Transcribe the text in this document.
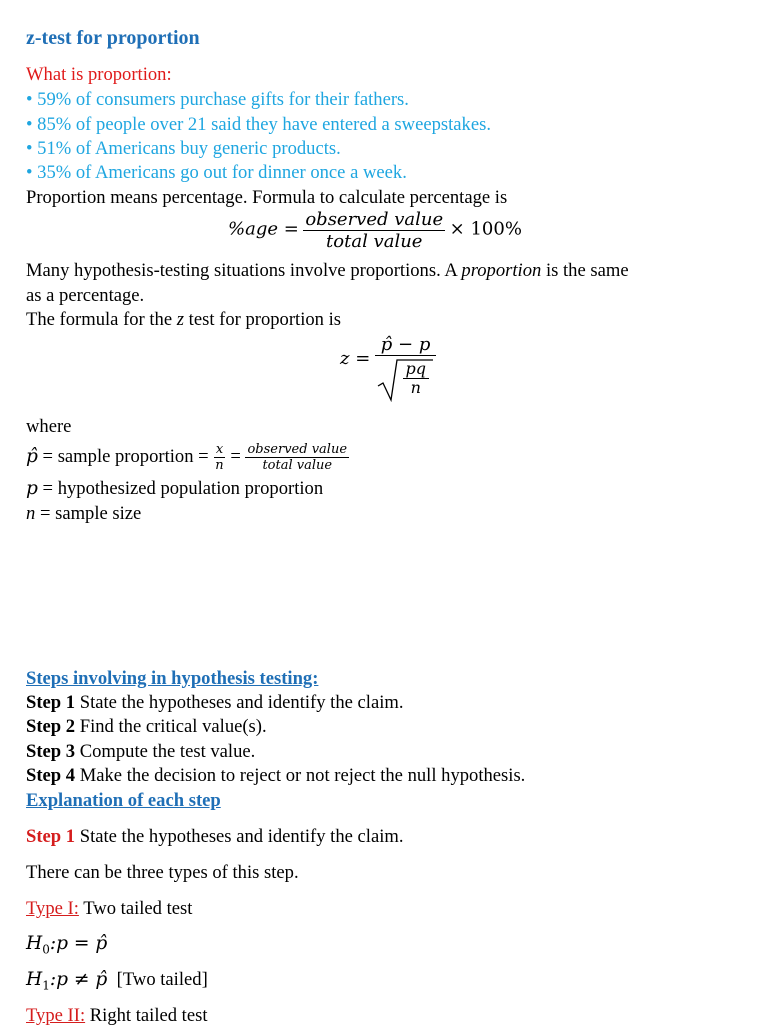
z-test for proportion
What is proportion:
• 59% of consumers purchase gifts for their fathers.
• 85% of people over 21 said they have entered a sweepstakes.
• 51% of Americans buy generic products.
• 35% of Americans go out for dinner once a week.
Proportion means percentage. Formula to calculate percentage is
$\%age = \frac{\text{observed value}}{\text{total value}} \times 100\%$
Many hypothesis-testing situations involve proportions. A proportion is the same
as a percentage.
The formula for the z test for proportion is
$z = \frac{p̂ - p}{\frac{pq}{n}}$
where
p̂ = sample proportion = $\frac{x}{n} = \frac{\text{observed value}}{\text{total value}}$
p = hypothesized population proportion
n = sample size
Steps involving in hypothesis testing:
Step 1 State the hypotheses and identify the claim.
Step 2 Find the critical value(s).
Step 3 Compute the test value.
Step 4 Make the decision to reject or not reject the null hypothesis.
Explanation of each step
Step 1 State the hypotheses and identify the claim.
There can be three types of this step.
Type I: Two tailed test
$H_0:p$ = p̂
$H_1:p$ ≠ p̂  [Two tailed]
Type II: Right tailed test
